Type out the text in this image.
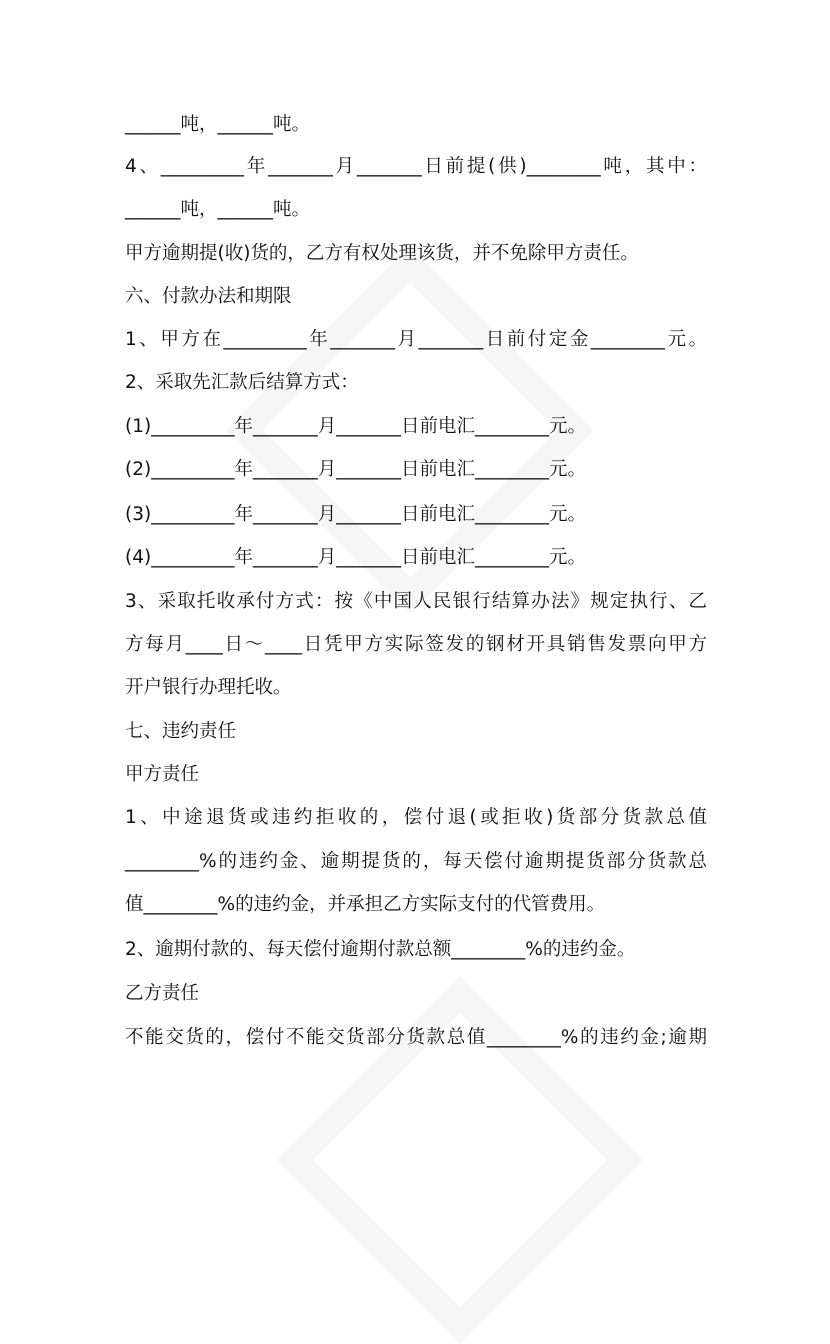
______吨，______吨。
4、_________年_______月_______日前提(供)________吨，其中：
______吨，______吨。
甲方逾期提(收)货的，乙方有权处理该货，并不免除甲方责任。
六、付款办法和期限
1、甲方在_________年_______月_______日前付定金________元。
2、采取先汇款后结算方式：
(1)_________年_______月_______日前电汇________元。
(2)_________年_______月_______日前电汇________元。
(3)_________年_______月_______日前电汇________元。
(4)_________年_______月_______日前电汇________元。
3、采取托收承付方式：按《中国人民银行结算办法》规定执行、乙
方每月____日～____日凭甲方实际签发的钢材开具销售发票向甲方
开户银行办理托收。
七、违约责任
甲方责任
1、中途退货或违约拒收的，偿付退(或拒收)货部分货款总值
________%的违约金、逾期提货的，每天偿付逾期提货部分货款总
值________%的违约金，并承担乙方实际支付的代管费用。
2、逾期付款的、每天偿付逾期付款总额________%的违约金。
乙方责任
不能交货的，偿付不能交货部分货款总值________%的违约金;逾期
